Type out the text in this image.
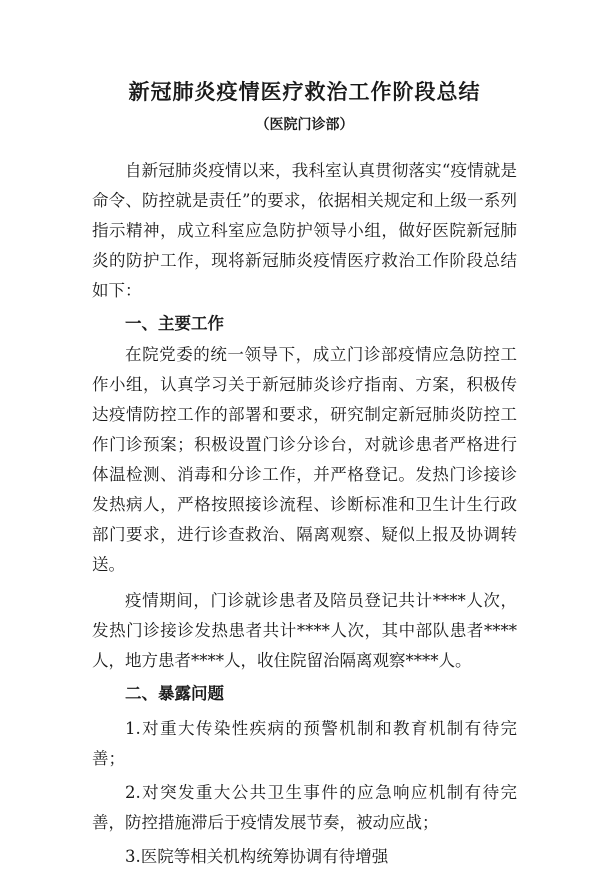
新冠肺炎疫情医疗救治工作阶段总结

（医院门诊部）

自新冠肺炎疫情以来，我科室认真贯彻落实“疫情就是命令、防控就是责任”的要求，依据相关规定和上级一系列指示精神，成立科室应急防护领导小组，做好医院新冠肺炎的防护工作，现将新冠肺炎疫情医疗救治工作阶段总结如下：

一、主要工作

在院党委的统一领导下，成立门诊部疫情应急防控工作小组，认真学习关于新冠肺炎诊疗指南、方案，积极传达疫情防控工作的部署和要求，研究制定新冠肺炎防控工作门诊预案；积极设置门诊分诊台，对就诊患者严格进行体温检测、消毒和分诊工作，并严格登记。发热门诊接诊发热病人，严格按照接诊流程、诊断标准和卫生计生行政部门要求，进行诊查救治、隔离观察、疑似上报及协调转送。

疫情期间，门诊就诊患者及陪员登记共计****人次，发热门诊接诊发热患者共计****人次，其中部队患者****人，地方患者****人，收住院留治隔离观察****人。

二、暴露问题

1.对重大传染性疾病的预警机制和教育机制有待完善；

2.对突发重大公共卫生事件的应急响应机制有待完善，防控措施滞后于疫情发展节奏，被动应战；

3.医院等相关机构统筹协调有待增强
